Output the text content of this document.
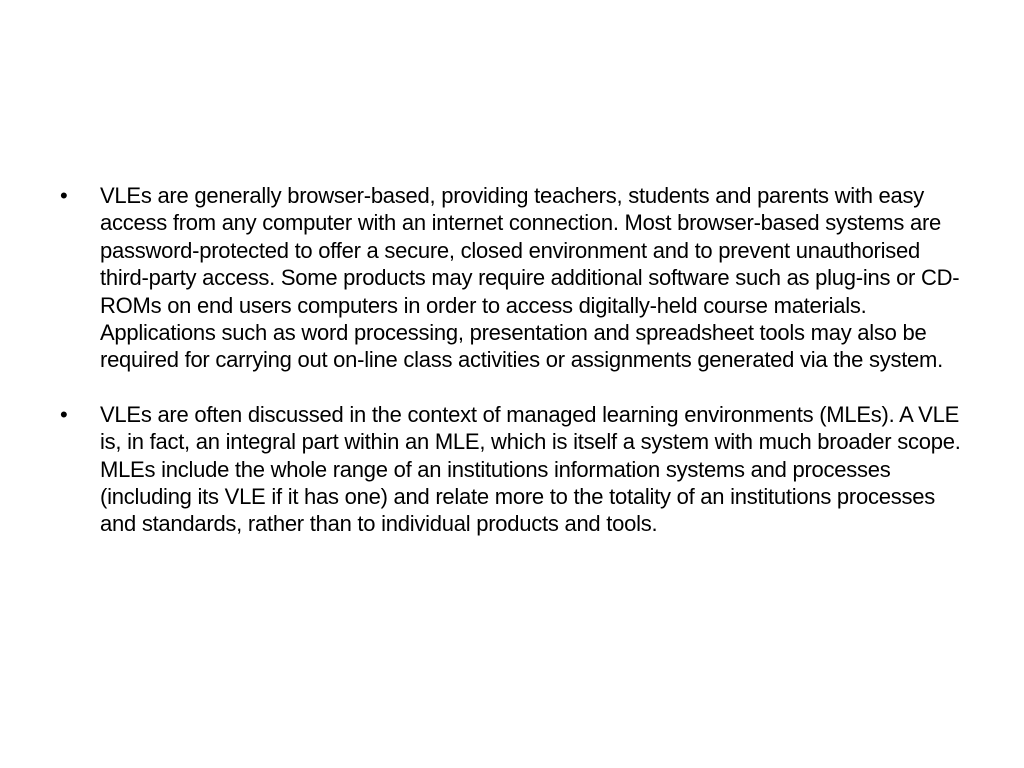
•	VLEs are generally browser-based, providing teachers, students and parents with easy access from any computer with an internet connection. Most browser-based systems are password-protected to offer a secure, closed environment and to prevent unauthorised third-party access. Some products may require additional software such as plug-ins or CD-ROMs on end users computers in order to access digitally-held course materials. Applications such as word processing, presentation and spreadsheet tools may also be required for carrying out on-line class activities or assignments generated via the system.
•	VLEs are often discussed in the context of managed learning environments (MLEs). A VLE is, in fact, an integral part within an MLE, which is itself a system with much broader scope. MLEs include the whole range of an institutions information systems and processes (including its VLE if it has one) and relate more to the totality of an institutions processes and standards, rather than to individual products and tools.
